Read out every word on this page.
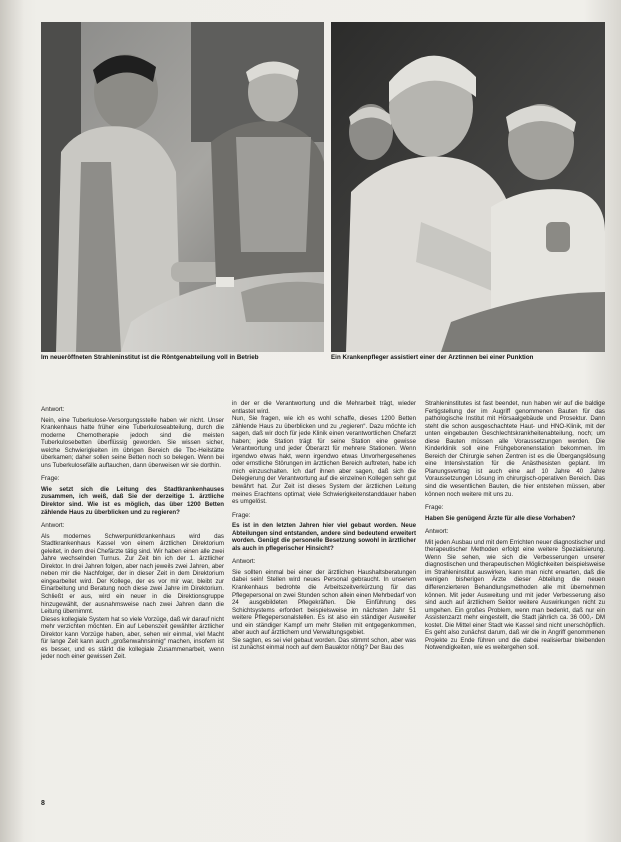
Im neueröffneten Strahleninstitut ist die Röntgenabteilung voll in Betrieb	Ein Krankenpfleger assistiert einer der Ärztinnen bei einer Punktion
Antwort:

Nein, eine Tuberkulose-Versorgungsstelle haben wir nicht. Unser Krankenhaus hatte früher eine Tuberkuloseabteilung, durch die moderne Chemotherapie jedoch sind die meisten Tuberkulosebetten überflüssig geworden. Sie wissen sicher, welche Schwierigkeiten im übrigen Bereich die Tbc-Heilstätte überkamen; daher sollen seine Betten noch so belegen. Wenn bei uns Tuberkulosefälle auftauchen, dann überweisen wir sie dorthin.

Frage:

Wie setzt sich die Leitung des Stadtkrankenhauses zusammen, ich weiß, daß Sie der derzeitige 1. ärztliche Direktor sind. Wie ist es möglich, das über 1200 Betten zählende Haus zu überblicken und zu regieren?

Antwort:

Als modernes Schwerpunktkrankenhaus wird das Stadtkrankenhaus Kassel von einem ärztlichen Direktorium geleitet, in dem drei Chefärzte tätig sind. Wir haben einen alle zwei Jahre wechselnden Turnus. Zur Zeit bin ich der 1. ärztlicher Direktor. In drei Jahren folgen, aber nach jeweils zwei Jahren, aber neben mir die Nachfolger, der in dieser Zeit in dem Direktorium eingearbeitet wird. Der Kollege, der es vor mir war, bleibt zur Einarbeitung und Beratung noch diese zwei Jahre im Direktorium. Schließt er aus, wird ein neuer in die Direktionsgruppe hinzugewählt, der ausnahmsweise nach zwei Jahren dann die Leitung übernimmt.

Dieses kollegiale System hat so viele Vorzüge, daß wir darauf nicht mehr verzichten möchten. Ein auf Lebenszeit gewählter ärztlicher Direktor kann Vorzüge haben, aber, sehen wir einmal, viel Macht für lange Zeit kann auch „großenwahnsinnig“ machen, insofern ist es besser, und es stärkt die kollegiale Zusammenarbeit, wenn jeder noch einer gewissen Zeit.

in der er die Verantwortung und die Mehrarbeit trägt, wieder entlastet wird.

Nun, Sie fragen, wie ich es wohl schaffe, dieses 1200 Betten zählende Haus zu überblicken und zu „regieren“. Dazu möchte ich sagen, daß wir doch für jede Klinik einen verantwortlichen Chefarzt haben; jede Station trägt für seine Station eine gewisse Verantwortung und jeder Oberarzt für mehrere Stationen. Wenn irgendwo etwas hakt, wenn irgendwo etwas Unvorhergesehenes oder ernstliche Störungen im ärztlichen Bereich auftreten, habe ich mich einzuschalten. Ich darf ihnen aber sagen, daß sich die Delegierung der Verantwortung auf die einzelnen Kollegen sehr gut bewährt hat. Zur Zeit ist dieses System der ärztlichen Leitung meines Erachtens optimal; viele Schwierigkeitenstanddauer haben es umgelöst.

Frage:

Es ist in den letzten Jahren hier viel gebaut worden. Neue Abteilungen sind entstanden, andere sind bedeutend erweitert worden. Genügt die personelle Besetzung sowohl in ärztlicher als auch in pflegerischer Hinsicht?

Antwort:

Sie sollten einmal bei einer der ärztlichen Haushaltsberatungen dabei sein! Stellen wird neues Personal gebraucht. In unserem Krankenhaus bedrohte die Arbeitszeitverkürzung für das Pflegepersonal on zwei Stunden schon allein einen Mehrbedarf von 24 ausgebildeten Pflegekräften. Die Einführung des Schichtsystems erfordert beispielsweise im nächsten Jahr 51 weitere Pflegepersonalstellen. Es ist also ein ständiger Ausweiter und ein ständiger Kampf um mehr Stellen mit entgegenkommen, aber auch auf ärztlichem und Verwaltungsgebiet.

Sie sagten, es sei viel gebaut worden. Das stimmt schon, aber was ist zunächst einmal noch auf dem Bauaktor nötig? Der Bau des

Strahleninstitutes ist fast beendet, nun haben wir auf die baldige Fertigstellung der im Augriff genommenen Bauten für das pathologische Institut mit Hörsaalgebäude und Prosektur. Dann steht die schon ausgeschachtete Haut- und HNO-Klinik, mit der unten eingebauten Geschlechtskrankheitenabteilung, noch; um diese Bauten müssen alle Voraussetzungen werden. Die Kinderklinik soll eine Frühgeborenenstation bekommen. Im Bereich der Chirurgie sehen Zentren ist es die Übergangslösung eine Intensivstation für die Anästhesisten geplant. Im Planungsvertrag ist auch eine auf 10 Jahre 40 Jahre Voraussetzungen Lösung im chirurgisch-operativen Bereich. Das sind die wesentlichen Bauten, die hier entstehen müssen, aber können noch weitere mit uns zu.

Frage:

Haben Sie genügend Ärzte für alle diese Vorhaben?

Antwort:

Mit jeden Ausbau und mit dem Errichten neuer diagnostischer und therapeutischer Methoden erfolgt eine weitere Spezialisierung. Wenn Sie sehen, wie sich die Verbesserungen unserer diagnostischen und therapeutischen Möglichkeiten beispielsweise im Strahleninstitut auswirken, kann man nicht erwarten, daß die wenigen bisherigen Ärzte dieser Abteilung die neuen differenzierteren Behandlungsmethoden alle mit übernehmen können. Mit jeder Ausweitung und mit jeder Verbesserung also sind auch auf ärztlichem Sektor weitere Auswirkungen nicht zu umgehen. Ein großes Problem, wenn man bedenkt, daß nur ein Assistenzarzt mehr eingestellt, die Stadt jährlich ca. 36 000,- DM kostet. Die Mittel einer Stadt wie Kassel sind nicht unerschöpflich. Es geht also zunächst darum, daß wir die in Angriff genommenen Projekte zu Ende führen und die dabei realisierbar bleibenden Notwendigkeiten, wie es weitergehen soll.

8
